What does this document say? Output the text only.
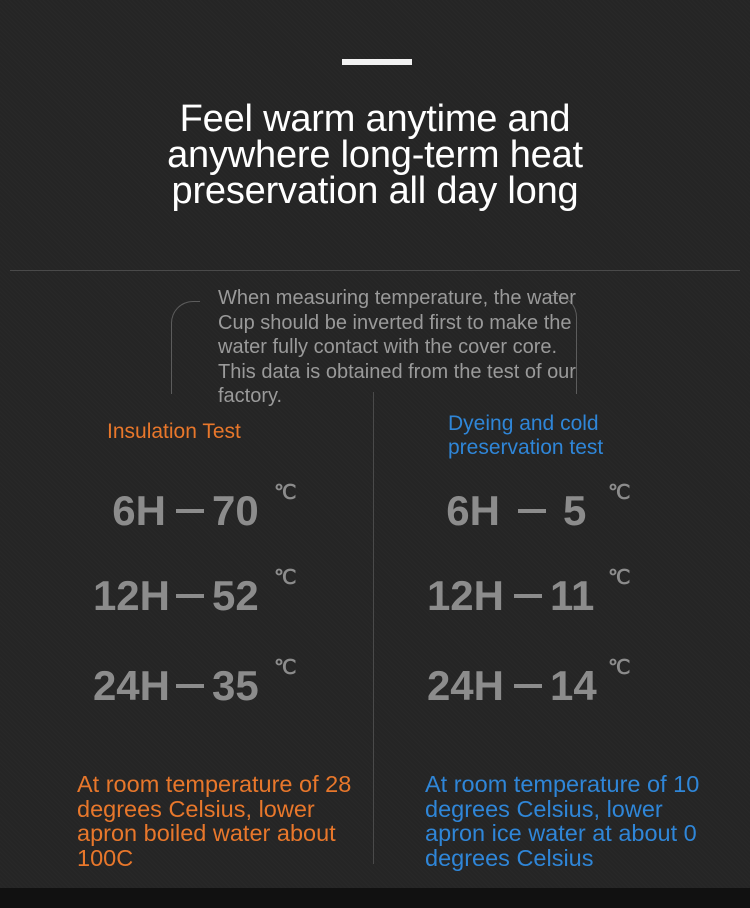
Feel warm anytime and
anywhere long-term heat
preservation all day long
When measuring temperature, the water Cup should be inverted first to make the water fully contact with the cover core. This data is obtained from the test of our factory.
Insulation Test	Dyeing and cold
preservation test
6H 70 ℃
12H 52 ℃
24H 35 ℃
6H 5 ℃
12H 11 ℃
24H 14 ℃
At room temperature of 28 degrees Celsius, lower apron boiled water about 100C
At room temperature of 10 degrees Celsius, lower apron ice water at about 0 degrees Celsius
